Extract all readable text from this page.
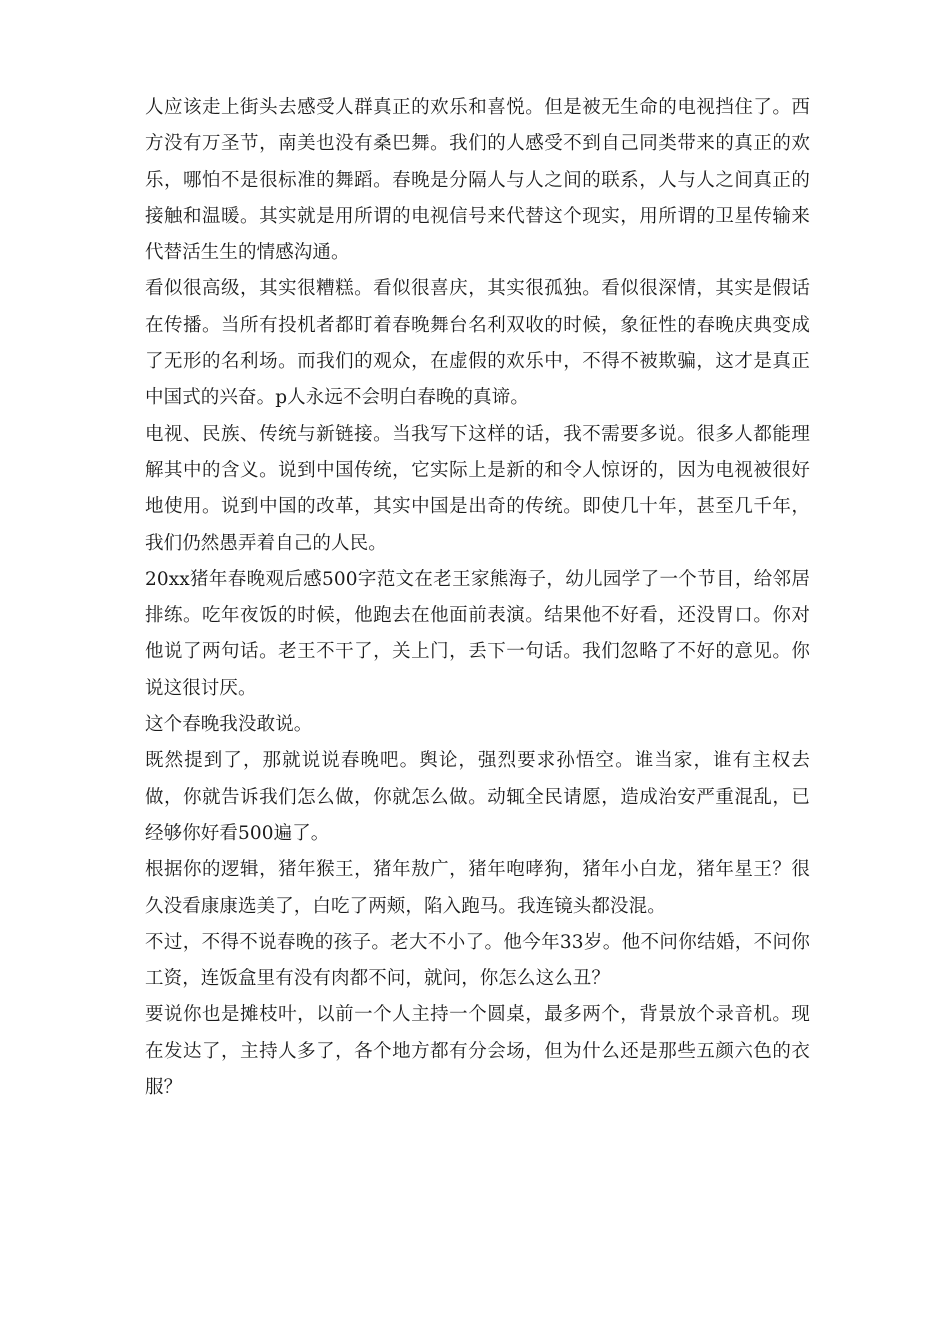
人应该走上街头去感受人群真正的欢乐和喜悦。但是被无生命的电视挡住了。西方没有万圣节，南美也没有桑巴舞。我们的人感受不到自己同类带来的真正的欢乐，哪怕不是很标准的舞蹈。春晚是分隔人与人之间的联系，人与人之间真正的接触和温暖。其实就是用所谓的电视信号来代替这个现实，用所谓的卫星传输来代替活生生的情感沟通。

看似很高级，其实很糟糕。看似很喜庆，其实很孤独。看似很深情，其实是假话在传播。当所有投机者都盯着春晚舞台名利双收的时候，象征性的春晚庆典变成了无形的名利场。而我们的观众，在虚假的欢乐中，不得不被欺骗，这才是真正中国式的兴奋。p人永远不会明白春晚的真谛。

电视、民族、传统与新链接。当我写下这样的话，我不需要多说。很多人都能理解其中的含义。说到中国传统，它实际上是新的和令人惊讶的，因为电视被很好地使用。说到中国的改革，其实中国是出奇的传统。即使几十年，甚至几千年，我们仍然愚弄着自己的人民。

20xx猪年春晚观后感500字范文在老王家熊海子，幼儿园学了一个节目，给邻居排练。吃年夜饭的时候，他跑去在他面前表演。结果他不好看，还没胃口。你对他说了两句话。老王不干了，关上门，丢下一句话。我们忽略了不好的意见。你说这很讨厌。

这个春晚我没敢说。

既然提到了，那就说说春晚吧。舆论，强烈要求孙悟空。谁当家，谁有主权去做，你就告诉我们怎么做，你就怎么做。动辄全民请愿，造成治安严重混乱，已经够你好看500遍了。

根据你的逻辑，猪年猴王，猪年敖广，猪年咆哮狗，猪年小白龙，猪年星王？很久没看康康选美了，白吃了两颊，陷入跑马。我连镜头都没混。

不过，不得不说春晚的孩子。老大不小了。他今年33岁。他不问你结婚，不问你工资，连饭盒里有没有肉都不问，就问，你怎么这么丑？

要说你也是摊枝叶，以前一个人主持一个圆桌，最多两个，背景放个录音机。现在发达了，主持人多了，各个地方都有分会场，但为什么还是那些五颜六色的衣服？
